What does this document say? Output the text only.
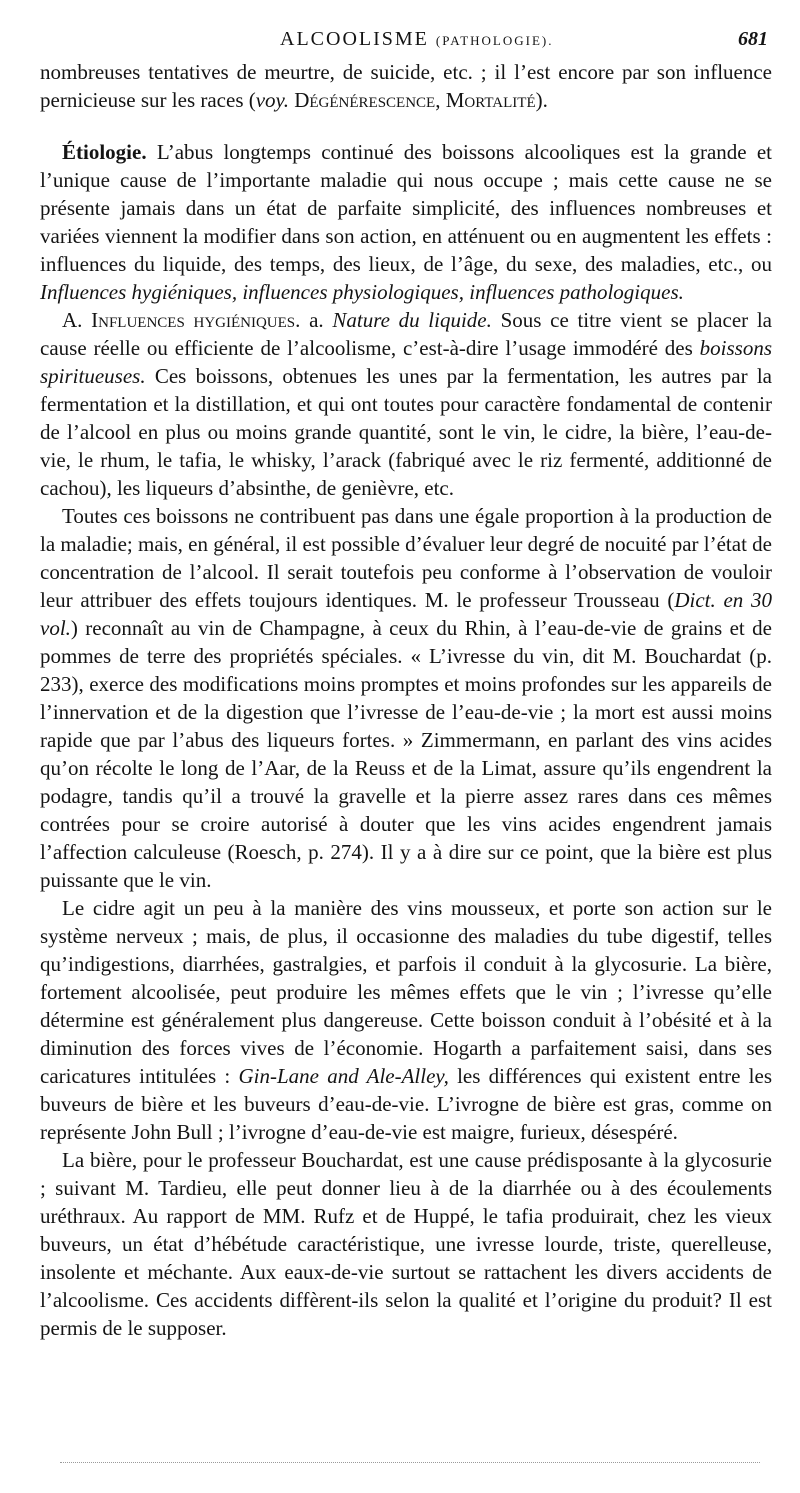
ALCOOLISME (PATHOLOGIE).	681

nombreuses tentatives de meurtre, de suicide, etc. ; il l’est encore par son influence pernicieuse sur les races (voy. Dégénérescence, Mortalité).

Étiologie. L’abus longtemps continué des boissons alcooliques est la grande et l’unique cause de l’importante maladie qui nous occupe ; mais cette cause ne se présente jamais dans un état de parfaite simplicité, des influences nombreuses et variées viennent la modifier dans son action, en atténuent ou en augmentent les effets : influences du liquide, des temps, des lieux, de l’âge, du sexe, des maladies, etc., ou Influences hygiéniques, influences physiologiques, influences pathologiques.

A. Influences hygiéniques. a. Nature du liquide. Sous ce titre vient se placer la cause réelle ou efficiente de l’alcoolisme, c’est-à-dire l’usage immodéré des boissons spiritueuses. Ces boissons, obtenues les unes par la fermentation, les autres par la fermentation et la distillation, et qui ont toutes pour caractère fondamental de contenir de l’alcool en plus ou moins grande quantité, sont le vin, le cidre, la bière, l’eau-de-vie, le rhum, le tafia, le whisky, l’arack (fabriqué avec le riz fermenté, additionné de cachou), les liqueurs d’absinthe, de genièvre, etc.

Toutes ces boissons ne contribuent pas dans une égale proportion à la production de la maladie; mais, en général, il est possible d’évaluer leur degré de nocuité par l’état de concentration de l’alcool. Il serait toutefois peu conforme à l’observation de vouloir leur attribuer des effets toujours identiques. M. le professeur Trousseau (Dict. en 30 vol.) reconnaît au vin de Champagne, à ceux du Rhin, à l’eau-de-vie de grains et de pommes de terre des propriétés spéciales. « L’ivresse du vin, dit M. Bouchardat (p. 233), exerce des modifications moins promptes et moins profondes sur les appareils de l’innervation et de la digestion que l’ivresse de l’eau-de-vie ; la mort est aussi moins rapide que par l’abus des liqueurs fortes. » Zimmermann, en parlant des vins acides qu’on récolte le long de l’Aar, de la Reuss et de la Limat, assure qu’ils engendrent la podagre, tandis qu’il a trouvé la gravelle et la pierre assez rares dans ces mêmes contrées pour se croire autorisé à douter que les vins acides engendrent jamais l’affection calculeuse (Roesch, p. 274). Il y a à dire sur ce point, que la bière est plus puissante que le vin.

Le cidre agit un peu à la manière des vins mousseux, et porte son action sur le système nerveux ; mais, de plus, il occasionne des maladies du tube digestif, telles qu’indigestions, diarrhées, gastralgies, et parfois il conduit à la glycosurie. La bière, fortement alcoolisée, peut produire les mêmes effets que le vin ; l’ivresse qu’elle détermine est généralement plus dangereuse. Cette boisson conduit à l’obésité et à la diminution des forces vives de l’économie. Hogarth a parfaitement saisi, dans ses caricatures intitulées : Gin-Lane and Ale-Alley, les différences qui existent entre les buveurs de bière et les buveurs d’eau-de-vie. L’ivrogne de bière est gras, comme on représente John Bull ; l’ivrogne d’eau-de-vie est maigre, furieux, désespéré.

La bière, pour le professeur Bouchardat, est une cause prédisposante à la glycosurie ; suivant M. Tardieu, elle peut donner lieu à de la diarrhée ou à des écoulements uréthraux. Au rapport de MM. Rufz et de Huppé, le tafia produirait, chez les vieux buveurs, un état d’hébétude caractéristique, une ivresse lourde, triste, querelleuse, insolente et méchante. Aux eaux-de-vie surtout se rattachent les divers accidents de l’alcoolisme. Ces accidents diffèrent-ils selon la qualité et l’origine du produit? Il est permis de le supposer.
